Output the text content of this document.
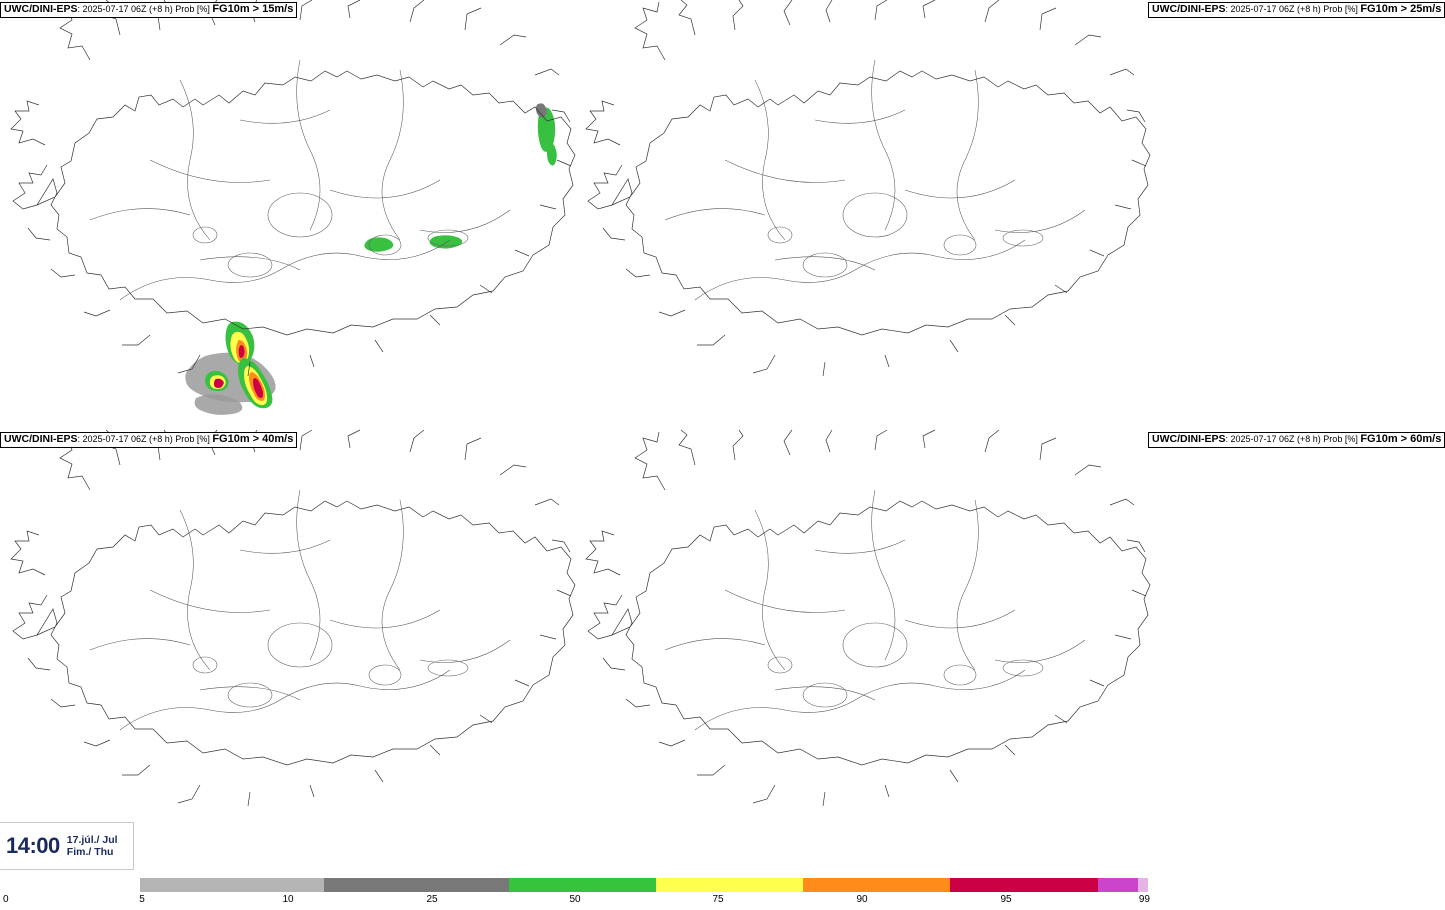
UWC/DINI-EPS: 2025-07-17 06Z (+8 h) Prob [%] FG10m > 15m/s	UWC/DINI-EPS: 2025-07-17 06Z (+8 h) Prob [%] FG10m > 25m/s
UWC/DINI-EPS: 2025-07-17 06Z (+8 h) Prob [%] FG10m > 40m/s	UWC/DINI-EPS: 2025-07-17 06Z (+8 h) Prob [%] FG10m > 60m/s
14:00 17.júl./ Jul
Fim./ Thu
0	5	10	25	50	75	90	95	99
